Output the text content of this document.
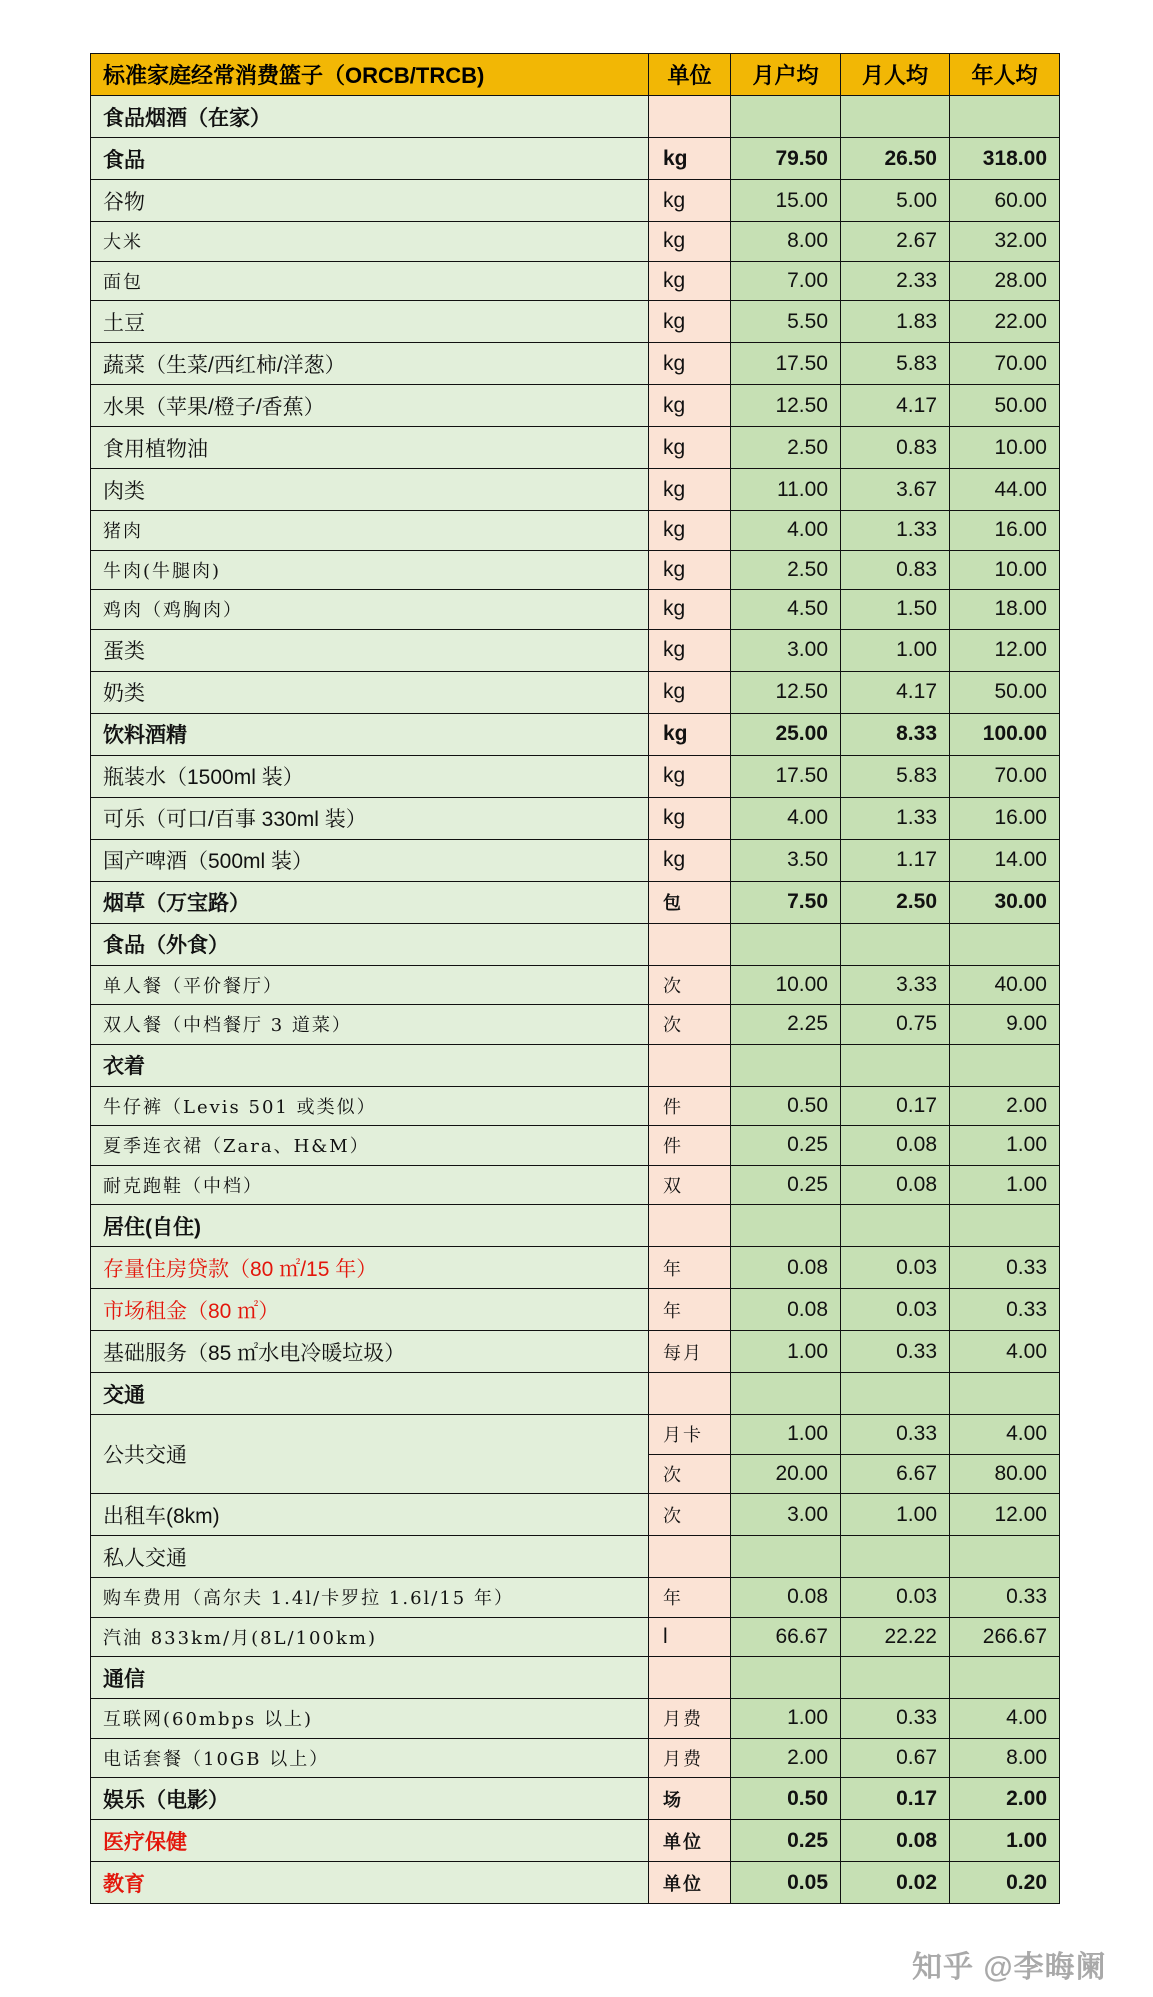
标准家庭经常消费篮子（ORCB/TRCB)	单位	月户均	月人均	年人均
食品烟酒（在家）				
食品	kg	79.50	26.50	318.00
谷物	kg	15.00	5.00	60.00
大米	kg	8.00	2.67	32.00
面包	kg	7.00	2.33	28.00
土豆	kg	5.50	1.83	22.00
蔬菜（生菜/西红柿/洋葱）	kg	17.50	5.83	70.00
水果（苹果/橙子/香蕉）	kg	12.50	4.17	50.00
食用植物油	kg	2.50	0.83	10.00
肉类	kg	11.00	3.67	44.00
猪肉	kg	4.00	1.33	16.00
牛肉(牛腿肉)	kg	2.50	0.83	10.00
鸡肉（鸡胸肉）	kg	4.50	1.50	18.00
蛋类	kg	3.00	1.00	12.00
奶类	kg	12.50	4.17	50.00
饮料酒精	kg	25.00	8.33	100.00
瓶装水（1500ml 装）	kg	17.50	5.83	70.00
可乐（可口/百事 330ml 装）	kg	4.00	1.33	16.00
国产啤酒（500ml 装）	kg	3.50	1.17	14.00
烟草（万宝路）	包	7.50	2.50	30.00
食品（外食）				
单人餐（平价餐厅）	次	10.00	3.33	40.00
双人餐（中档餐厅 3 道菜）	次	2.25	0.75	9.00
衣着				
牛仔裤（Levis 501 或类似）	件	0.50	0.17	2.00
夏季连衣裙（Zara、H&M）	件	0.25	0.08	1.00
耐克跑鞋（中档）	双	0.25	0.08	1.00
居住(自住)				
存量住房贷款（80 ㎡/15 年）	年	0.08	0.03	0.33
市场租金（80 ㎡）	年	0.08	0.03	0.33
基础服务（85 ㎡水电冷暖垃圾）	每月	1.00	0.33	4.00
交通				
公共交通	月卡	1.00	0.33	4.00
	次	20.00	6.67	80.00
出租车(8km)	次	3.00	1.00	12.00
私人交通				
购车费用（高尔夫 1.4l/卡罗拉 1.6l/15 年）	年	0.08	0.03	0.33
汽油 833km/月(8L/100km)	l	66.67	22.22	266.67
通信				
互联网(60mbps 以上)	月费	1.00	0.33	4.00
电话套餐（10GB 以上）	月费	2.00	0.67	8.00
娱乐（电影）	场	0.50	0.17	2.00
医疗保健	单位	0.25	0.08	1.00
教育	单位	0.05	0.02	0.20
知乎 @李晦阑
